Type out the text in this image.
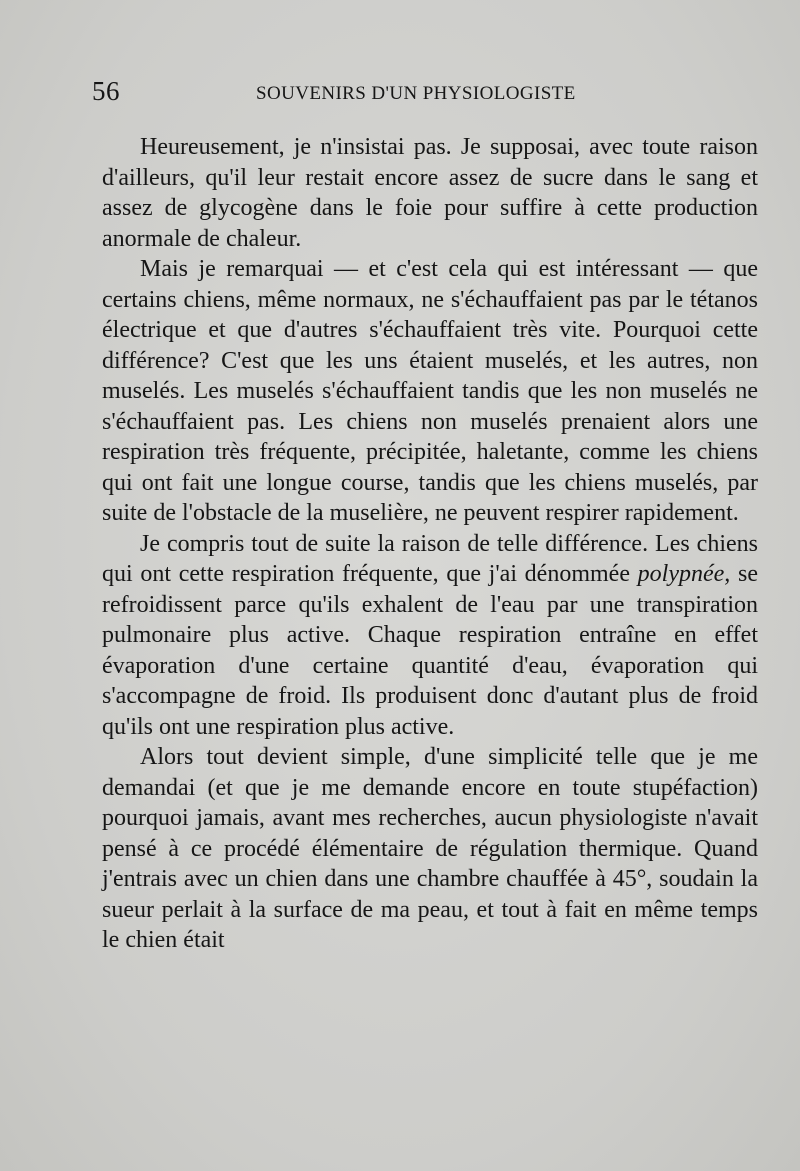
56	SOUVENIRS D'UN PHYSIOLOGISTE

Heureusement, je n'insistai pas. Je supposai, avec toute raison d'ailleurs, qu'il leur restait encore assez de sucre dans le sang et assez de glycogène dans le foie pour suffire à cette production anormale de chaleur.

Mais je remarquai — et c'est cela qui est intéressant — que certains chiens, même normaux, ne s'échauffaient pas par le tétanos électrique et que d'autres s'échauffaient très vite. Pourquoi cette différence? C'est que les uns étaient muselés, et les autres, non muselés. Les muselés s'échauffaient tandis que les non muselés ne s'échauffaient pas. Les chiens non muselés prenaient alors une respiration très fréquente, précipitée, haletante, comme les chiens qui ont fait une longue course, tandis que les chiens muselés, par suite de l'obstacle de la muselière, ne peuvent respirer rapidement.

Je compris tout de suite la raison de telle différence. Les chiens qui ont cette respiration fréquente, que j'ai dénommée polypnée, se refroidissent parce qu'ils exhalent de l'eau par une transpiration pulmonaire plus active. Chaque respiration entraîne en effet évaporation d'une certaine quantité d'eau, évaporation qui s'accompagne de froid. Ils produisent donc d'autant plus de froid qu'ils ont une respiration plus active.

Alors tout devient simple, d'une simplicité telle que je me demandai (et que je me demande encore en toute stupéfaction) pourquoi jamais, avant mes recherches, aucun physiologiste n'avait pensé à ce procédé élémentaire de régulation thermique. Quand j'entrais avec un chien dans une chambre chauffée à 45°, soudain la sueur perlait à la surface de ma peau, et tout à fait en même temps le chien était
